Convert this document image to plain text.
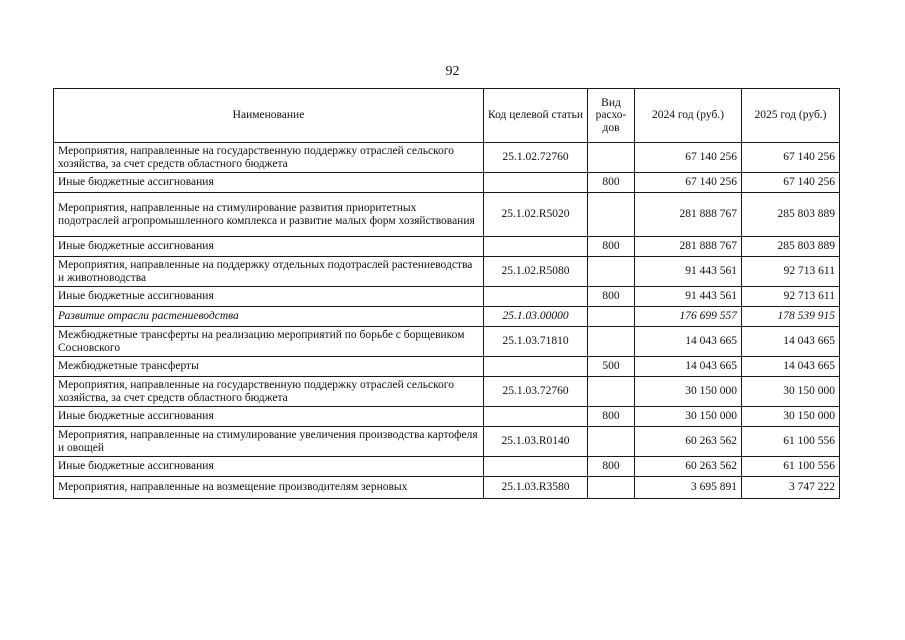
92
Наименование	Код целевой статьи	Вид расхо-дов	2024 год (руб.)	2025 год (руб.)
Мероприятия, направленные на государственную поддержку отраслей сельского хозяйства, за счет средств областного бюджета	25.1.02.72760		67 140 256	67 140 256
Иные бюджетные ассигнования		800	67 140 256	67 140 256
Мероприятия, направленные на стимулирование развития приоритетных подотраслей агропромышленного комплекса и развитие малых форм хозяйствования	25.1.02.R5020		281 888 767	285 803 889
Иные бюджетные ассигнования		800	281 888 767	285 803 889
Мероприятия, направленные на поддержку отдельных подотраслей растениеводства и животноводства	25.1.02.R5080		91 443 561	92 713 611
Иные бюджетные ассигнования		800	91 443 561	92 713 611
Развитие отрасли растениеводства	25.1.03.00000		176 699 557	178 539 915
Межбюджетные трансферты на реализацию мероприятий по борьбе с борщевиком Сосновского	25.1.03.71810		14 043 665	14 043 665
Межбюджетные трансферты		500	14 043 665	14 043 665
Мероприятия, направленные на государственную поддержку отраслей сельского хозяйства, за счет средств областного бюджета	25.1.03.72760		30 150 000	30 150 000
Иные бюджетные ассигнования		800	30 150 000	30 150 000
Мероприятия, направленные на стимулирование увеличения производства картофеля и овощей	25.1.03.R0140		60 263 562	61 100 556
Иные бюджетные ассигнования		800	60 263 562	61 100 556
Мероприятия, направленные на возмещение производителям зерновых	25.1.03.R3580		3 695 891	3 747 222
